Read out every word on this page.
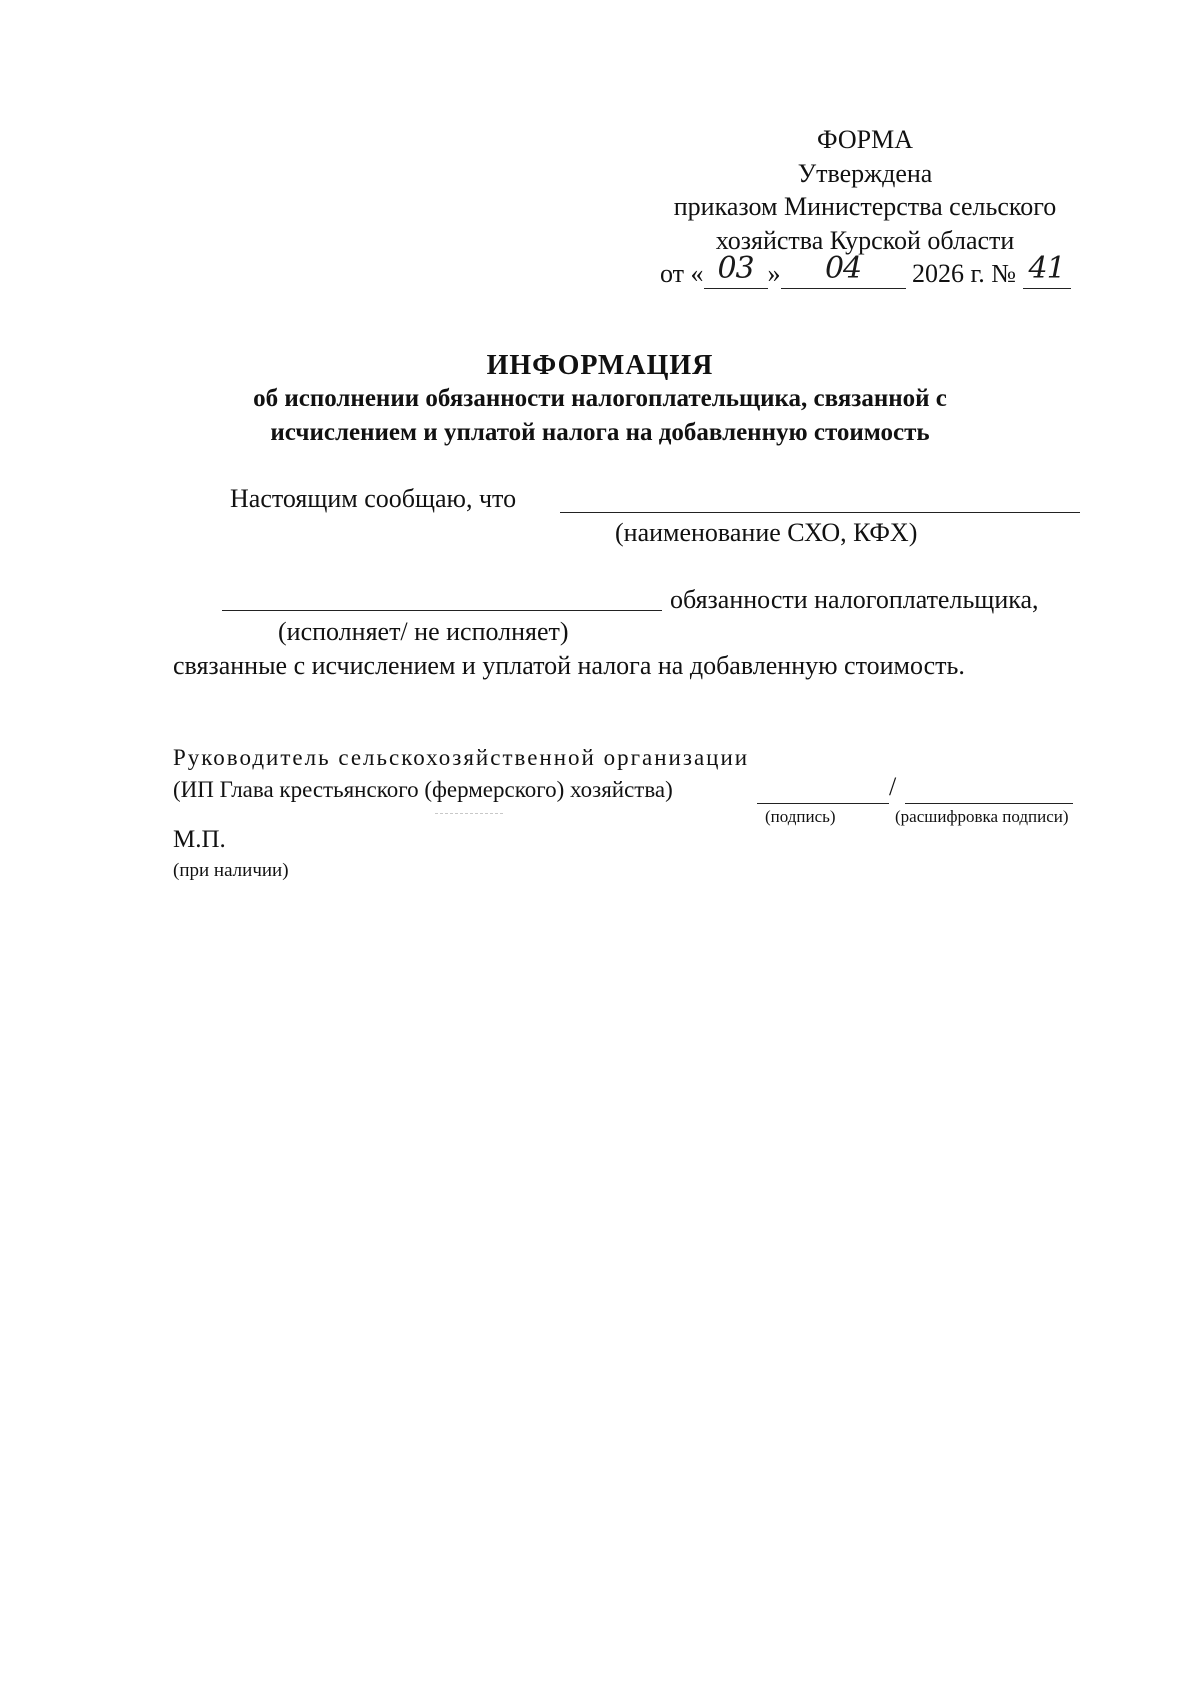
ФОРМА
Утверждена
приказом Министерства сельского
хозяйства Курской области
от « 03 » 04 2026 г. № 41
ИНФОРМАЦИЯ
об исполнении обязанности налогоплательщика, связанной с
исчислением и уплатой налога на добавленную стоимость
Настоящим сообщаю, что
(наименование СХО, КФХ)
обязанности налогоплательщика,
(исполняет/ не исполняет)
связанные с исчислением и уплатой налога на добавленную стоимость.
Руководитель сельскохозяйственной организации
(ИП Глава крестьянского (фермерского) хозяйства)	/
(подпись)	(расшифровка подписи)
М.П.
(при наличии)
